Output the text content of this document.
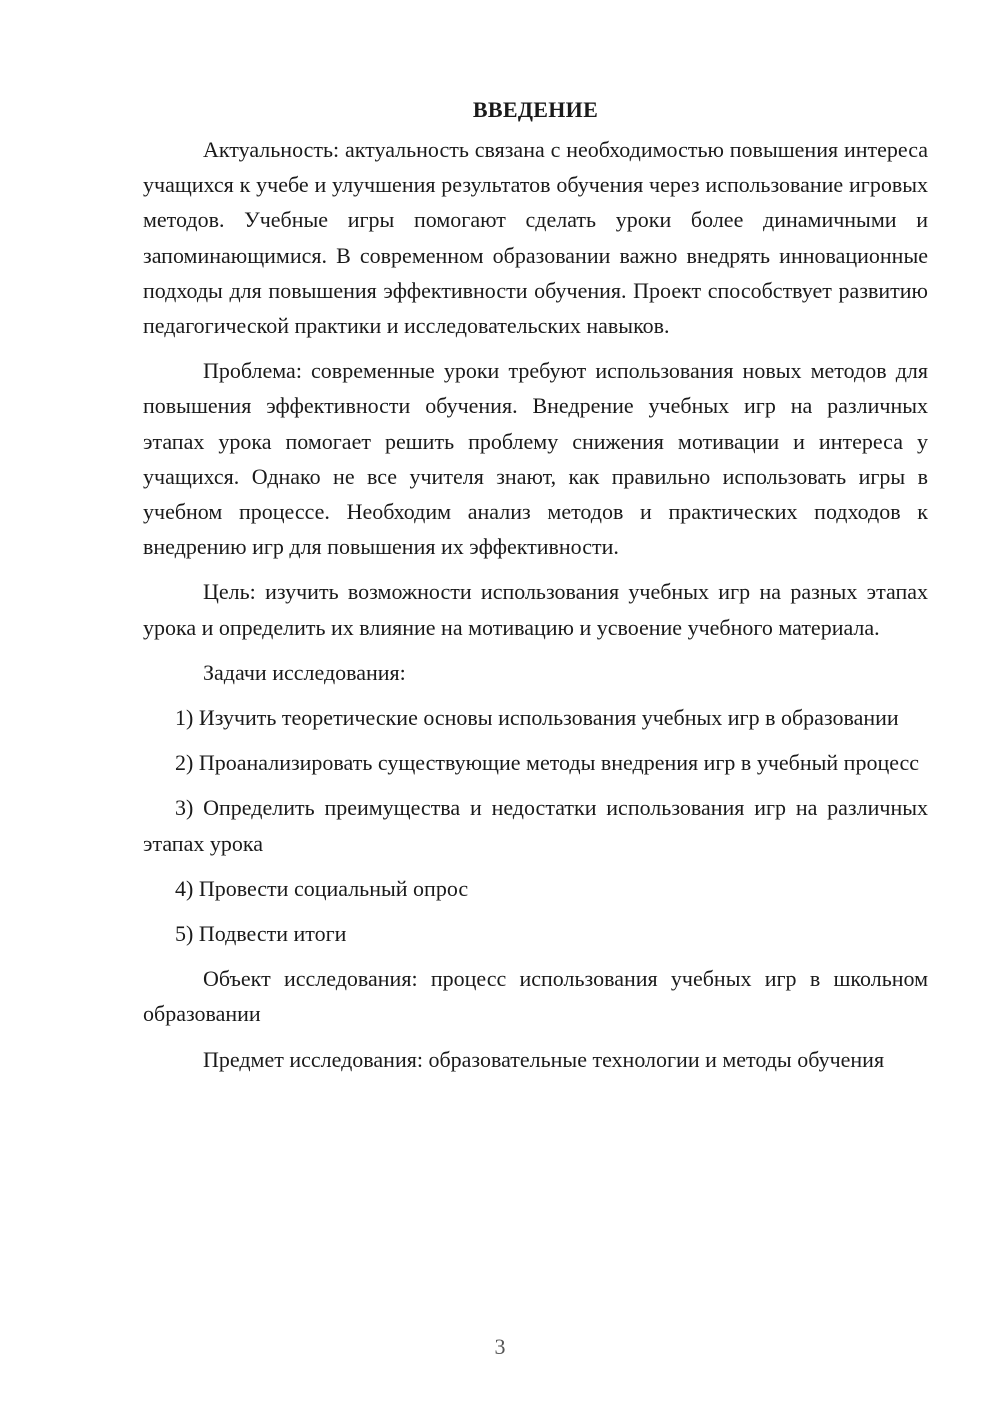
ВВЕДЕНИЕ

Актуальность: актуальность связана с необходимостью повышения интереса учащихся к учебе и улучшения результатов обучения через использование игровых методов. Учебные игры помогают сделать уроки более динамичными и запоминающимися. В современном образовании важно внедрять инновационные подходы для повышения эффективности обучения. Проект способствует развитию педагогической практики и исследовательских навыков.

Проблема: современные уроки требуют использования новых методов для повышения эффективности обучения. Внедрение учебных игр на различных этапах урока помогает решить проблему снижения мотивации и интереса у учащихся. Однако не все учителя знают, как правильно использовать игры в учебном процессе. Необходим анализ методов и практических подходов к внедрению игр для повышения их эффективности.

Цель: изучить возможности использования учебных игр на разных этапах урока и определить их влияние на мотивацию и усвоение учебного материала.

Задачи исследования:

1) Изучить теоретические основы использования учебных игр в образовании

2) Проанализировать существующие методы внедрения игр в учебный процесс

3) Определить преимущества и недостатки использования игр на различных этапах урока

4) Провести социальный опрос

5) Подвести итоги

Объект исследования: процесс использования учебных игр в школьном образовании

Предмет исследования: образовательные технологии и методы обучения

3
